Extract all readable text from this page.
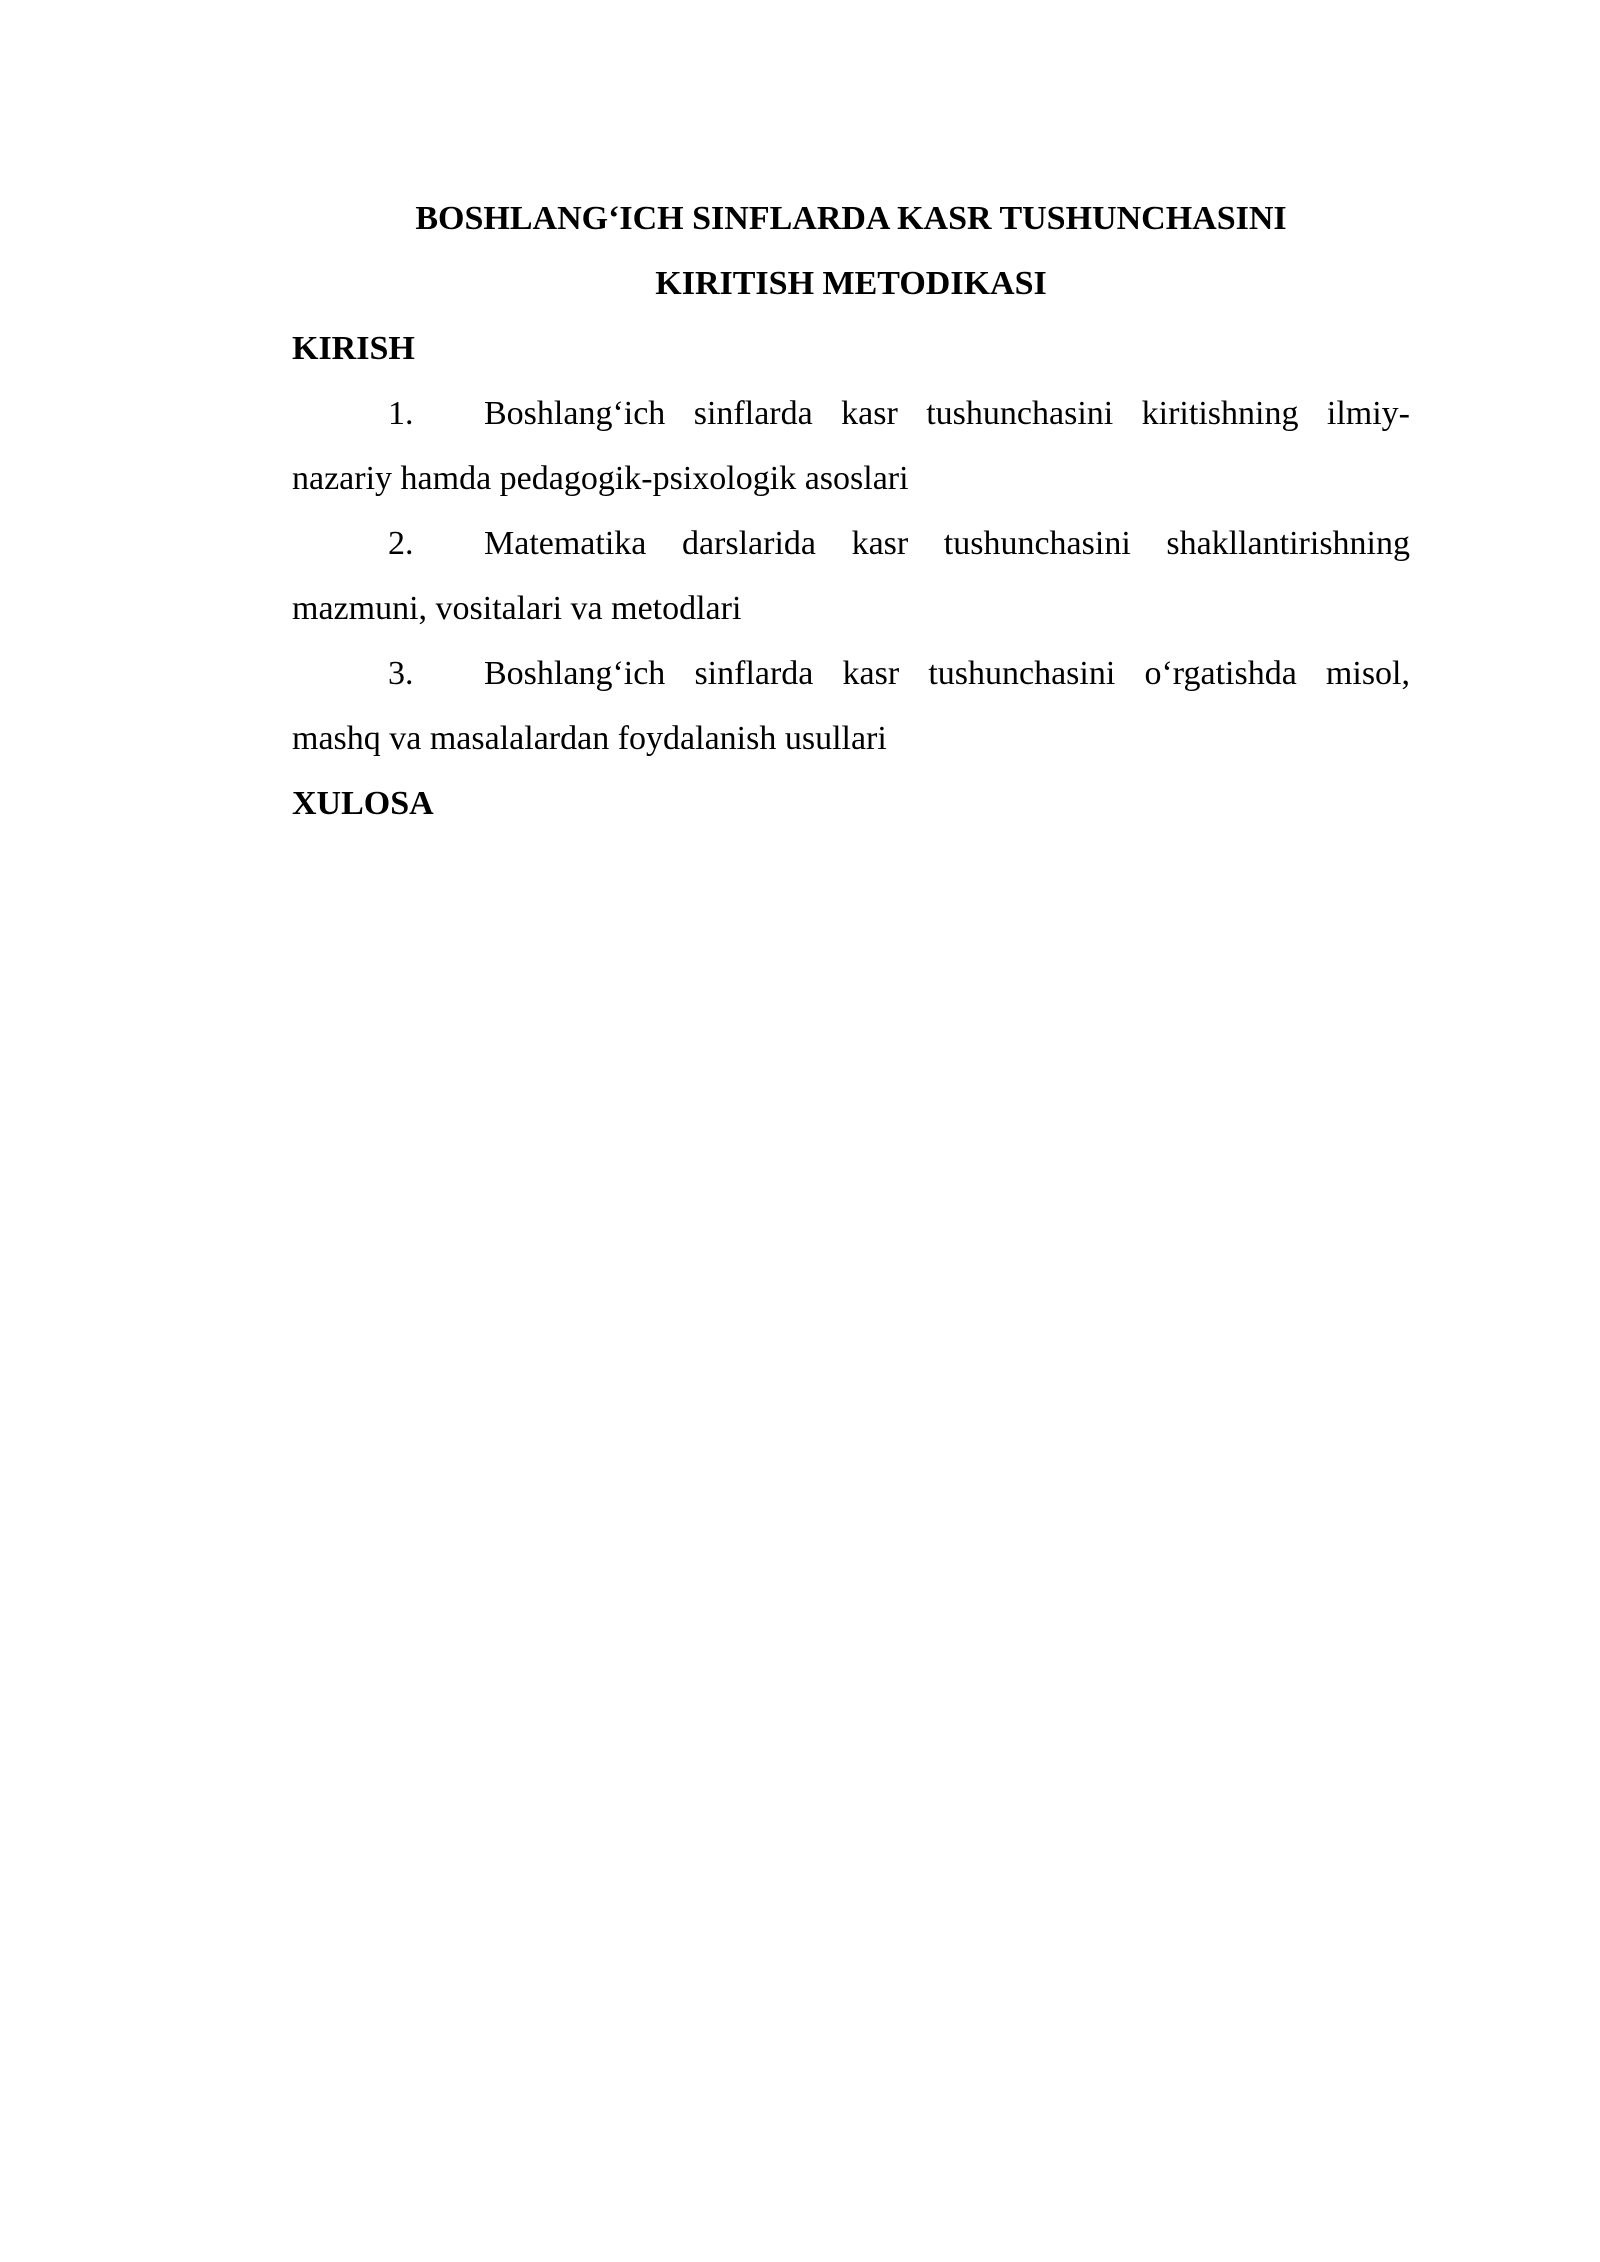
BOSHLANG‘ICH SINFLARDA KASR TUSHUNCHASINI
KIRITISH METODIKASI
KIRISH
1. Boshlang‘ich sinflarda kasr tushunchasini kiritishning ilmiy-
nazariy hamda pedagogik-psixologik asoslari
2. Matematika darslarida kasr tushunchasini shakllantirishning
mazmuni, vositalari va metodlari
3. Boshlang‘ich sinflarda kasr tushunchasini o‘rgatishda misol,
mashq va masalalardan foydalanish usullari
XULOSA
